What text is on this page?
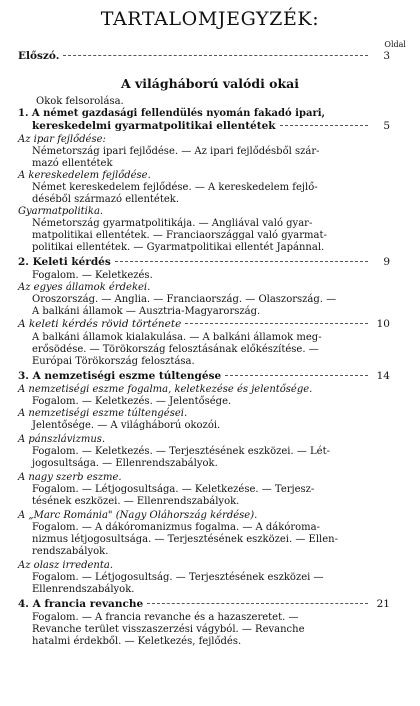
TARTALOMJEGYZÉK:
Oldal
Előszó.	3
A világháború valódi okai
Okok felsorolása.
1. A német gazdasági fellendülés nyomán fakadó ipari,
kereskedelmi gyarmatpolitikai ellentétek	5
Az ipar fejlődése:
Németország ipari fejlődése. — Az ipari fejlődésből szár-
mazó ellentétek
A kereskedelem fejlődése.
Német kereskedelem fejlődése. — A kereskedelem fejlő-
déséből származó ellentétek.
Gyarmatpolitika.
Németország gyarmatpolitikája. — Angliával való gyar-
matpolitikai ellentétek. — Franciaországgal való gyarmat-
politikai ellentétek. — Gyarmatpolitikai ellentét Japánnal.
2. Keleti kérdés	9
Fogalom. — Keletkezés.
Az egyes államok érdekei.
Oroszország. — Anglia. — Franciaország. — Olaszország. —
A balkáni államok — Ausztria-Magyarország.
A keleti kérdés rövid története	10
A balkáni államok kialakulása. — A balkáni államok meg-
erősödése. — Törökország felosztásának előkészítése. —
Európai Törökország felosztása.
3. A nemzetiségi eszme túltengése	14
A nemzetiségi eszme fogalma, keletkezése és jelentősége.
Fogalom. — Keletkezés. — Jelentősége.
A nemzetiségi eszme túltengései.
Jelentősége. — A világháború okozói.
A pánszlávizmus.
Fogalom. — Keletkezés. — Terjesztésének eszközei. — Lét-
jogosultsága. — Ellenrendszabályok.
A nagy szerb eszme.
Fogalom. — Létjogosultsága. — Keletkezése. — Terjesz-
tésének eszközei. — Ellenrendszabályok.
A „Marc Románia" (Nagy Oláhország kérdése).
Fogalom. — A dákóromanizmus fogalma. — A dákóroma-
nizmus létjogosultsága. — Terjesztésének eszközei. — Ellen-
rendszabályok.
Az olasz irredenta.
Fogalom. — Létjogosultság. — Terjesztésének eszközei —
Ellenrendszabályok.
4. A francia revanche	21
Fogalom. — A francia revanche és a hazaszeretet. —
Revanche terület visszaszerzési vágyból. — Revanche
hatalmi érdekből. — Keletkezés, fejlődés.
